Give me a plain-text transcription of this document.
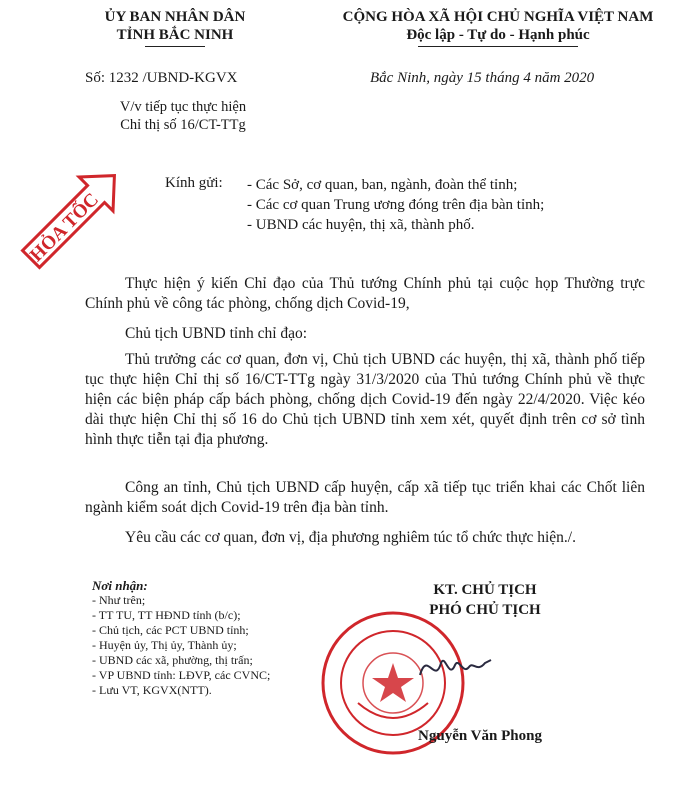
ỦY BAN NHÂN DÂN
TỈNH BẮC NINH
CỘNG HÒA XÃ HỘI CHỦ NGHĨA VIỆT NAM
Độc lập - Tự do - Hạnh phúc
Số: 1232 /UBND-KGVX	Bắc Ninh, ngày 15 tháng 4 năm 2020
V/v tiếp tục thực hiện
Chỉ thị số 16/CT-TTg
HỎA TỐC
Kính gửi: - Các Sở, cơ quan, ban, ngành, đoàn thể tỉnh;
- Các cơ quan Trung ương đóng trên địa bàn tỉnh;
- UBND các huyện, thị xã, thành phố.
Thực hiện ý kiến Chỉ đạo của Thủ tướng Chính phủ tại cuộc họp Thường trực Chính phủ về công tác phòng, chống dịch Covid-19,
Chủ tịch UBND tỉnh chỉ đạo:
Thủ trưởng các cơ quan, đơn vị, Chủ tịch UBND các huyện, thị xã, thành phố tiếp tục thực hiện Chỉ thị số 16/CT-TTg ngày 31/3/2020 của Thủ tướng Chính phủ về thực hiện các biện pháp cấp bách phòng, chống dịch Covid-19 đến ngày 22/4/2020. Việc kéo dài thực hiện Chỉ thị số 16 do Chủ tịch UBND tỉnh xem xét, quyết định trên cơ sở tình hình thực tiễn tại địa phương.
Công an tỉnh, Chủ tịch UBND cấp huyện, cấp xã tiếp tục triển khai các Chốt liên ngành kiểm soát dịch Covid-19 trên địa bàn tỉnh.
Yêu cầu các cơ quan, đơn vị, địa phương nghiêm túc tổ chức thực hiện./.
Nơi nhận:
- Như trên;
- TT TU, TT HĐND tỉnh (b/c);
- Chủ tịch, các PCT UBND tỉnh;
- Huyện ủy, Thị ủy, Thành ủy;
- UBND các xã, phường, thị trấn;
- VP UBND tỉnh: LĐVP, các CVNC;
- Lưu VT, KGVX(NTT).
KT. CHỦ TỊCH
PHÓ CHỦ TỊCH
Nguyễn Văn Phong
